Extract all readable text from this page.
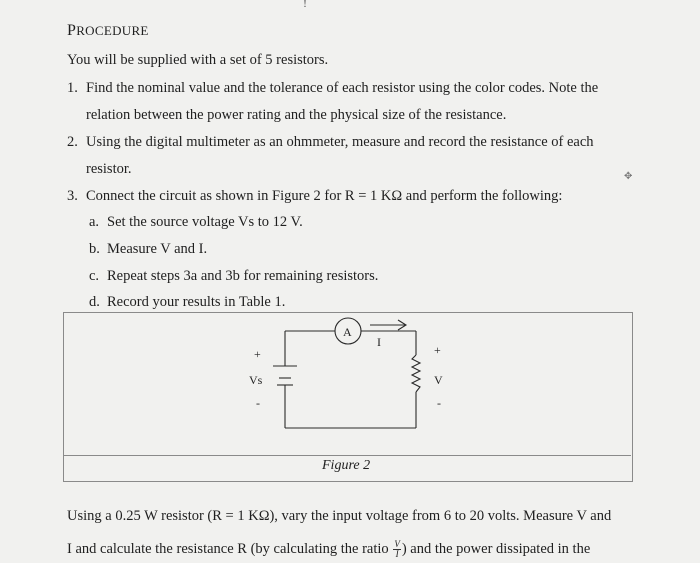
!
PROCEDURE
You will be supplied with a set of 5 resistors.
1. Find the nominal value and the tolerance of each resistor using the color codes. Note the
relation between the power rating and the physical size of the resistance.
2. Using the digital multimeter as an ohmmeter, measure and record the resistance of each
resistor.	✥
3. Connect the circuit as shown in Figure 2 for R = 1 KΩ and perform the following:
a. Set the source voltage Vs to 12 V.
b. Measure V and I.
c. Repeat steps 3a and 3b for remaining resistors.
d. Record your results in Table 1.
A
I
+
Vs
-
+
V
-
Figure 2
Using a 0.25 W resistor (R = 1 KΩ), vary the input voltage from 6 to 20 volts. Measure V and
I and calculate the resistance R (by calculating the ratio $\frac{V}{I}$ ) and the power dissipated in the
